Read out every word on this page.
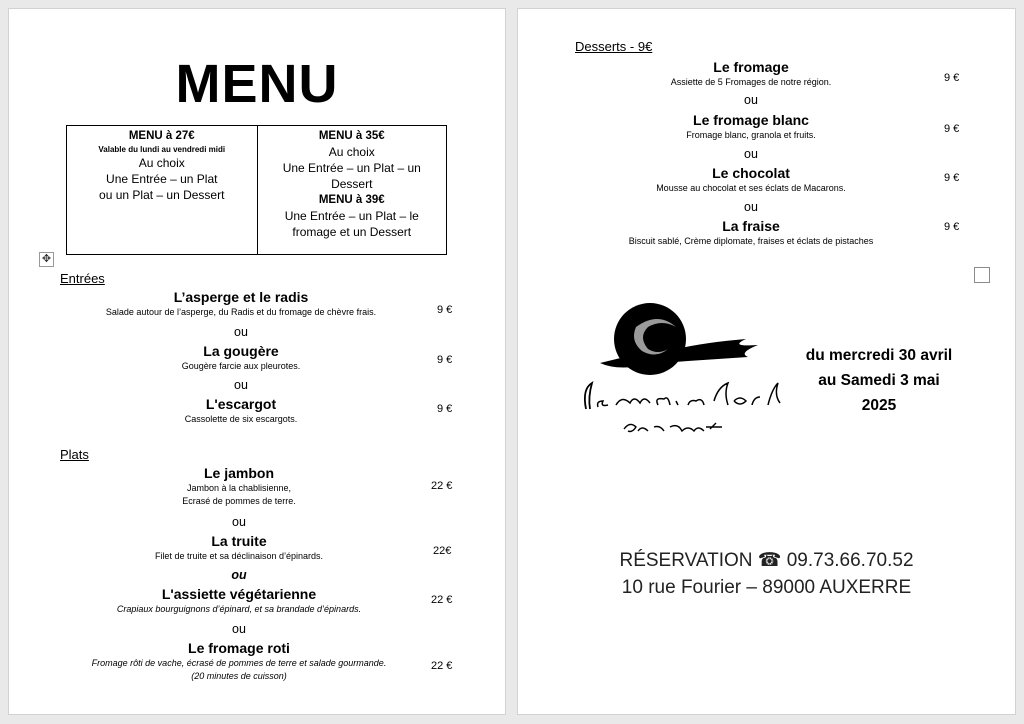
MENU
MENU à 27€
Valable du lundi au vendredi midi
Au choix
Une Entrée – un Plat
ou un Plat – un Dessert
MENU à 35€
Au choix
Une Entrée – un Plat – un
Dessert
MENU à 39€
Une Entrée – un Plat – le
fromage et un Dessert
✥
Entrées
L’asperge et le radis
Salade autour de l’asperge, du Radis et du fromage de chèvre frais.	9 €
ou
La gougère
Gougère farcie aux pleurotes.	9 €
ou
L'escargot
Cassolette de six escargots.
9 €
Plats
Le jambon
Jambon à la chablisienne,
Ecrasé de pommes de terre.
22 €
ou
La truite
Filet de truite et sa déclinaison d’épinards.	22€
ou
L'assiette végétarienne
Crapiaux bourguignons d’épinard, et sa brandade d’épinards.
22 €
ou
Le fromage roti
Fromage rôti de vache, écrasé de pommes de terre et salade gourmande.
(20 minutes de cuisson)
22 €
Desserts - 9€
Le fromage
Assiette de 5 Fromages de notre région.	9 €
ou
Le fromage blanc
Fromage blanc, granola et fruits.	9 €
ou
Le chocolat
Mousse au chocolat et ses éclats de Macarons.
9 €
ou
La fraise
Biscuit sablé, Crème diplomate, fraises et éclats de pistaches
9 €
du mercredi 30 avril
au Samedi 3 mai
2025
RÉSERVATION ☎ 09.73.66.70.52
10 rue Fourier – 89000 AUXERRE
